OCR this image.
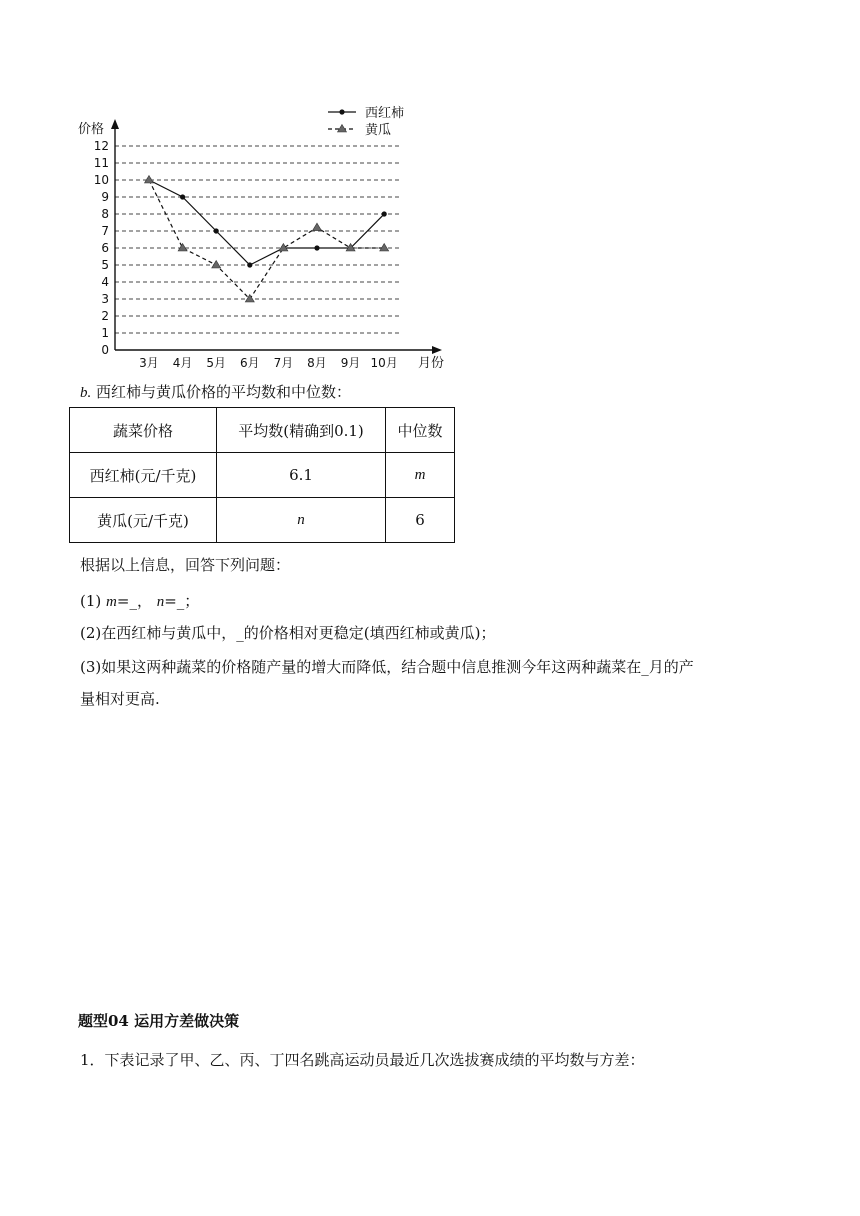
0
1
2
3
4
5
6
7
8
9
10
11
12
3月 4月 5月 6月 7月 8月 9月 10月
价格
月份
西红柿
黄瓜
b. 西红柿与黄瓜价格的平均数和中位数：
蔬菜价格	平均数(精确到0.1)	中位数
西红柿(元/千克)	6.1	m
黄瓜(元/千克)	n	6
根据以上信息，回答下列问题：
(1) m=_， n=_；
(2)在西红柿与黄瓜中，_的价格相对更稳定(填西红柿或黄瓜)；
(3)如果这两种蔬菜的价格随产量的增大而降低，结合题中信息推测今年这两种蔬菜在_月的产
量相对更高.
题型04 运用方差做决策
1．下表记录了甲、乙、丙、丁四名跳高运动员最近几次选拔赛成绩的平均数与方差：
